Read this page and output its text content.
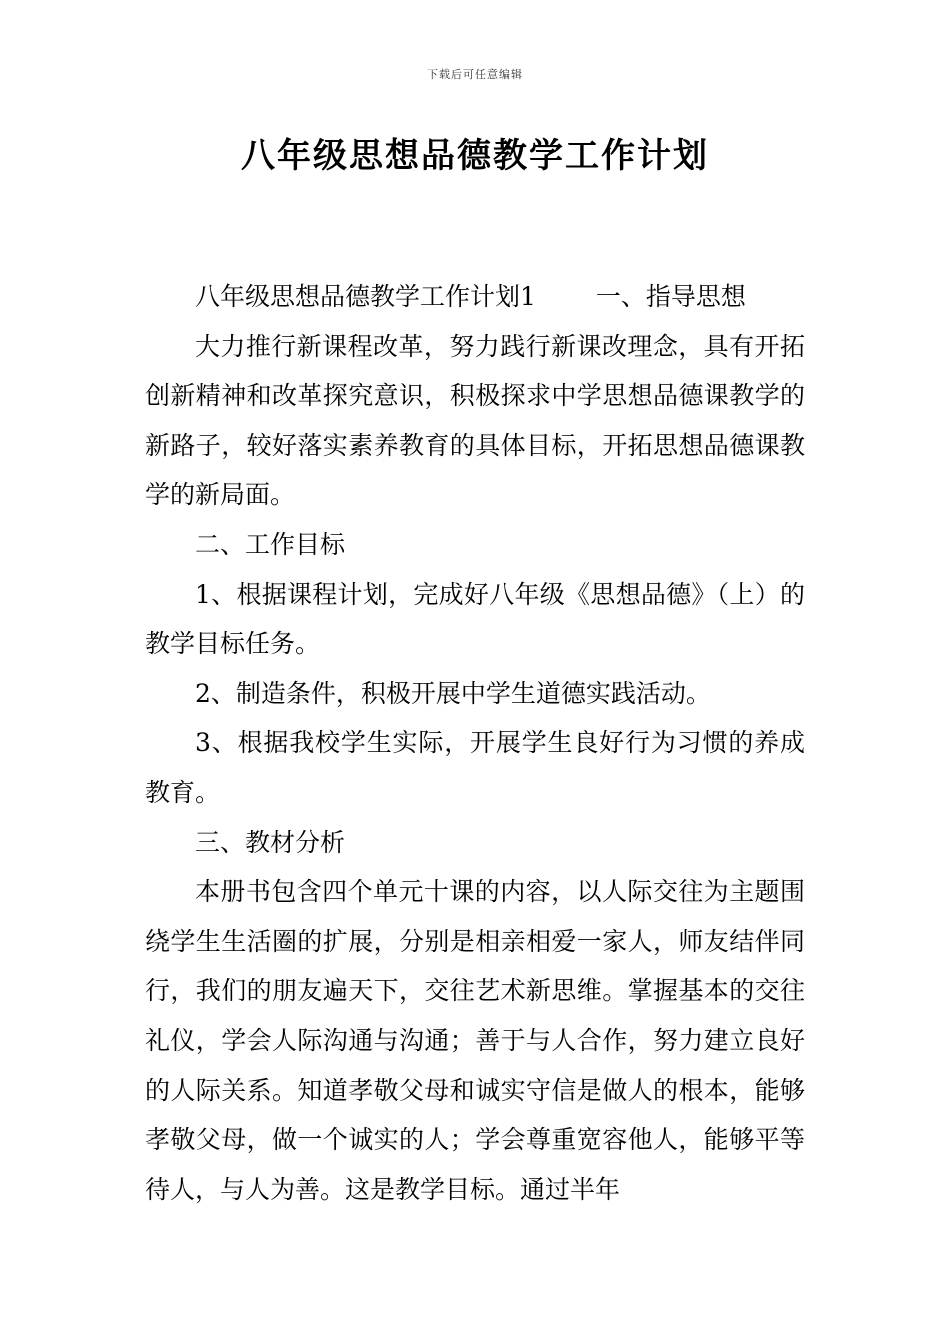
下载后可任意编辑
八年级思想品德教学工作计划

八年级思想品德教学工作计划1 一、指导思想

大力推行新课程改革，努力践行新课改理念，具有开拓创新精神和改革探究意识，积极探求中学思想品德课教学的新路子，较好落实素养教育的具体目标，开拓思想品德课教学的新局面。

二、工作目标

1、根据课程计划，完成好八年级《思想品德》（上）的教学目标任务。

2、制造条件，积极开展中学生道德实践活动。

3、根据我校学生实际，开展学生良好行为习惯的养成教育。

三、教材分析

本册书包含四个单元十课的内容，以人际交往为主题围绕学生生活圈的扩展，分别是相亲相爱一家人，师友结伴同行，我们的朋友遍天下，交往艺术新思维。掌握基本的交往礼仪，学会人际沟通与沟通；善于与人合作，努力建立良好的人际关系。知道孝敬父母和诚实守信是做人的根本，能够孝敬父母，做一个诚实的人；学会尊重宽容他人，能够平等待人，与人为善。这是教学目标。通过半年
